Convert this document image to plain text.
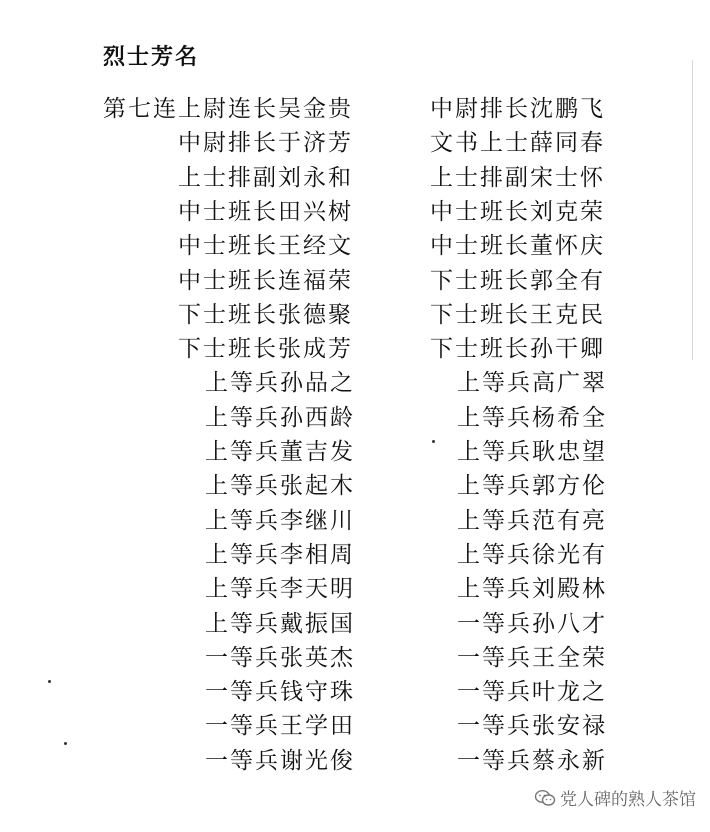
烈士芳名
第七连上尉连长吴金贵
中尉排长于济芳
上士排副刘永和
中士班长田兴树
中士班长王经文
中士班长连福荣
下士班长张德聚
下士班长张成芳
上等兵孙品之
上等兵孙西龄
上等兵董吉发
上等兵张起木
上等兵李继川
上等兵李相周
上等兵李天明
上等兵戴振国
一等兵张英杰
一等兵钱守珠
一等兵王学田
一等兵谢光俊
中尉排长沈鹏飞
文书上士薛同春
上士排副宋士怀
中士班长刘克荣
中士班长董怀庆
下士班长郭全有
下士班长王克民
下士班长孙干卿
上等兵高广翠
上等兵杨希全
上等兵耿忠望
上等兵郭方伦
上等兵范有亮
上等兵徐光有
上等兵刘殿林
一等兵孙八才
一等兵王全荣
一等兵叶龙之
一等兵张安禄
一等兵蔡永新
党人碑的熟人茶馆
